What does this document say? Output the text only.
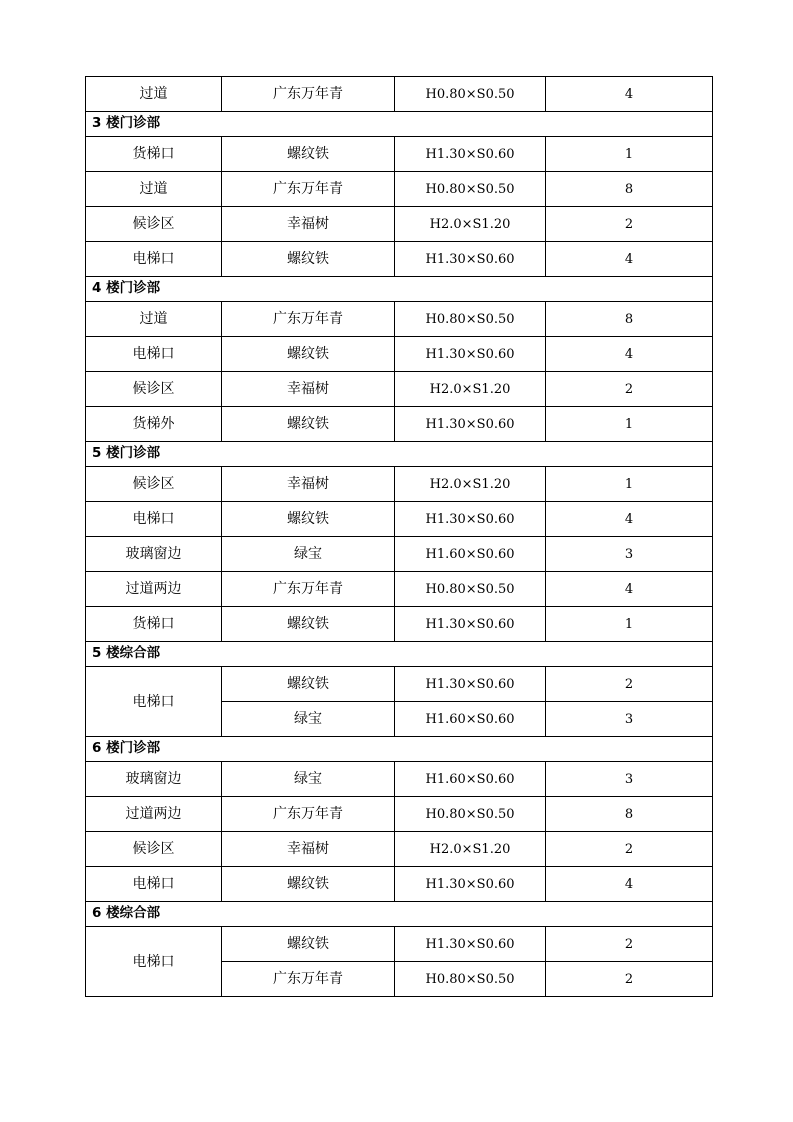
过道	广东万年青	H0.80×S0.50	4
3 楼门诊部			
货梯口	螺纹铁	H1.30×S0.60	1
过道	广东万年青	H0.80×S0.50	8
候诊区	幸福树	H2.0×S1.20	2
电梯口	螺纹铁	H1.30×S0.60	4
4 楼门诊部			
过道	广东万年青	H0.80×S0.50	8
电梯口	螺纹铁	H1.30×S0.60	4
候诊区	幸福树	H2.0×S1.20	2
货梯外	螺纹铁	H1.30×S0.60	1
5 楼门诊部			
候诊区	幸福树	H2.0×S1.20	1
电梯口	螺纹铁	H1.30×S0.60	4
玻璃窗边	绿宝	H1.60×S0.60	3
过道两边	广东万年青	H0.80×S0.50	4
货梯口	螺纹铁	H1.30×S0.60	1
5 楼综合部			
电梯口	螺纹铁	H1.30×S0.60	2
	绿宝	H1.60×S0.60	3
6 楼门诊部			
玻璃窗边	绿宝	H1.60×S0.60	3
过道两边	广东万年青	H0.80×S0.50	8
候诊区	幸福树	H2.0×S1.20	2
电梯口	螺纹铁	H1.30×S0.60	4
6 楼综合部			
电梯口	螺纹铁	H1.30×S0.60	2
	广东万年青	H0.80×S0.50	2
